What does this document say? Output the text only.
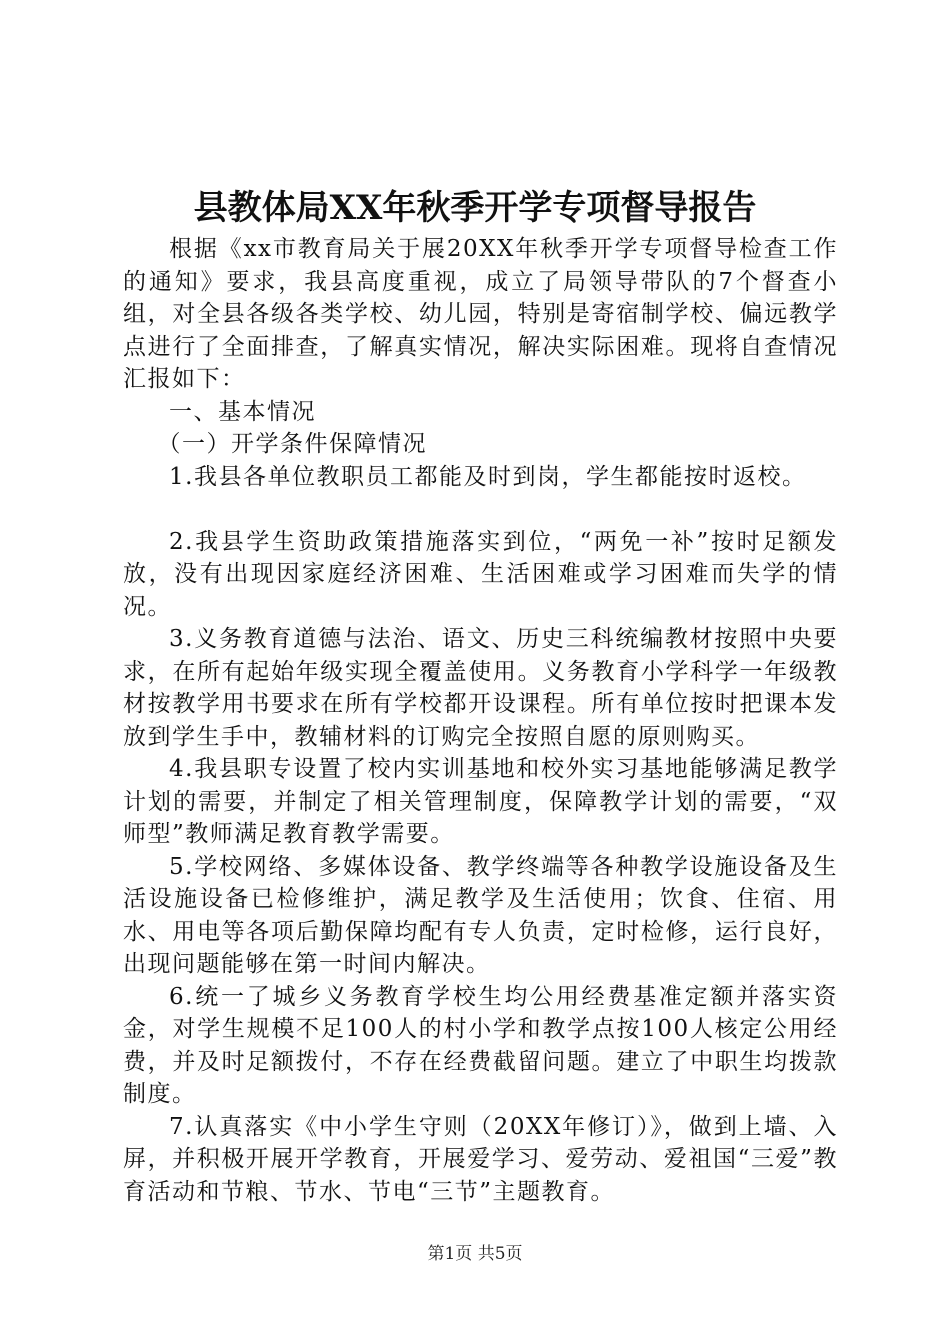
县教体局XX年秋季开学专项督导报告

根据《xx市教育局关于展20XX年秋季开学专项督导检查工作的通知》要求，我县高度重视，成立了局领导带队的7个督查小组，对全县各级各类学校、幼儿园，特别是寄宿制学校、偏远教学点进行了全面排查，了解真实情况，解决实际困难。现将自查情况汇报如下：

一、基本情况

（一）开学条件保障情况

1.我县各单位教职员工都能及时到岗，学生都能按时返校。

2.我县学生资助政策措施落实到位，“两免一补”按时足额发放，没有出现因家庭经济困难、生活困难或学习困难而失学的情况。

3.义务教育道德与法治、语文、历史三科统编教材按照中央要求，在所有起始年级实现全覆盖使用。义务教育小学科学一年级教材按教学用书要求在所有学校都开设课程。所有单位按时把课本发放到学生手中，教辅材料的订购完全按照自愿的原则购买。

4.我县职专设置了校内实训基地和校外实习基地能够满足教学计划的需要，并制定了相关管理制度，保障教学计划的需要，“双师型”教师满足教育教学需要。

5.学校网络、多媒体设备、教学终端等各种教学设施设备及生活设施设备已检修维护，满足教学及生活使用；饮食、住宿、用水、用电等各项后勤保障均配有专人负责，定时检修，运行良好，出现问题能够在第一时间内解决。

6.统一了城乡义务教育学校生均公用经费基准定额并落实资金，对学生规模不足100人的村小学和教学点按100人核定公用经费，并及时足额拨付，不存在经费截留问题。建立了中职生均拨款制度。

7.认真落实《中小学生守则（20XX年修订）》，做到上墙、入屏，并积极开展开学教育，开展爱学习、爱劳动、爱祖国“三爱”教育活动和节粮、节水、节电“三节”主题教育。

第1页 共5页
